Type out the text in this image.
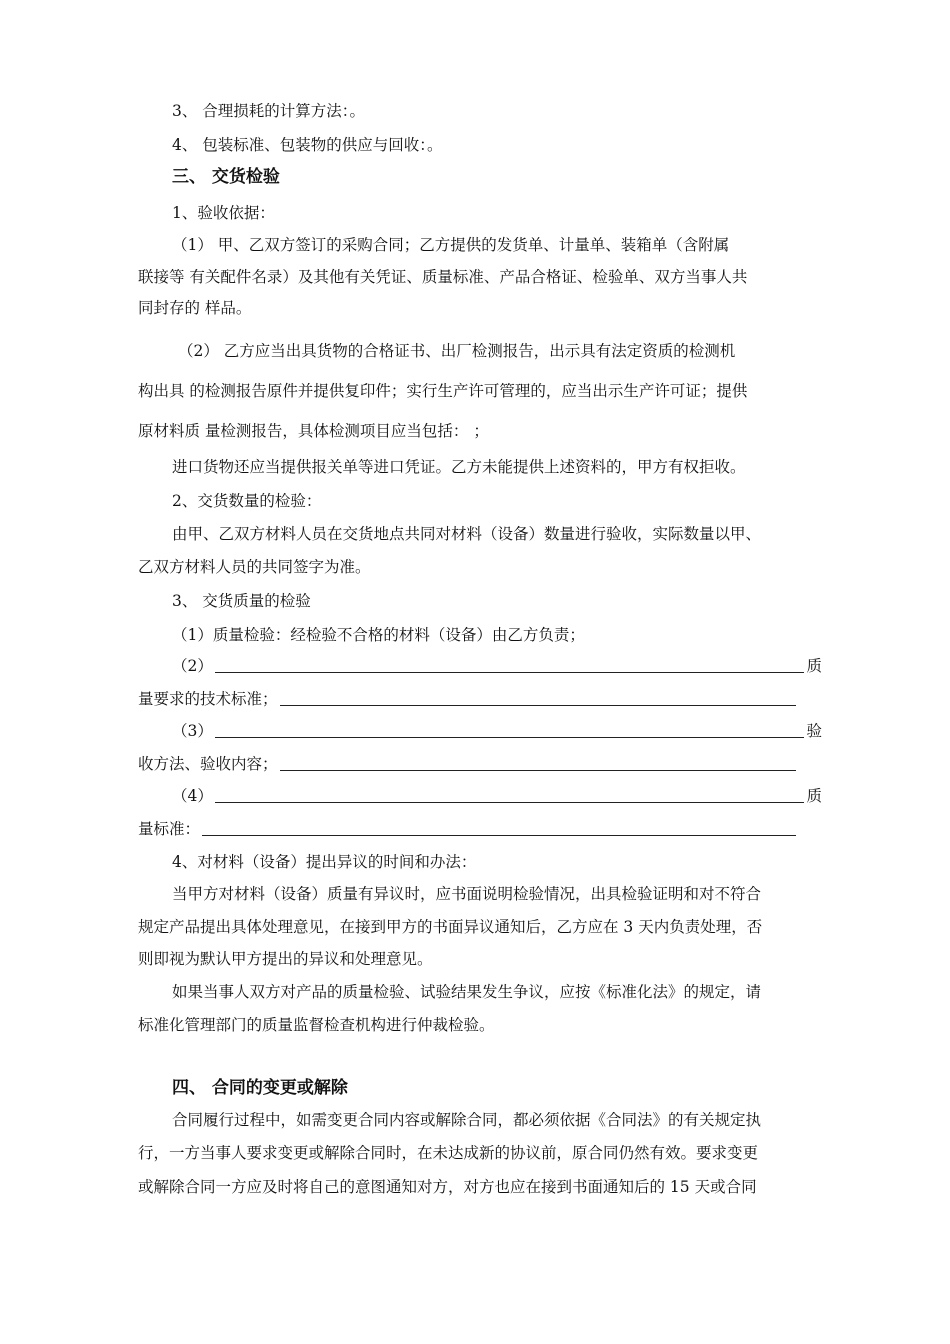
3、 合理损耗的计算方法：。
4、 包装标准、包装物的供应与回收：。
三、 交货检验
1、验收依据：
（1） 甲、乙双方签订的采购合同；乙方提供的发货单、计量单、装箱单（含附属
联接等 有关配件名录）及其他有关凭证、质量标准、产品合格证、检验单、双方当事人共
同封存的 样品。
（2） 乙方应当出具货物的合格证书、出厂检测报告，出示具有法定资质的检测机
构出具 的检测报告原件并提供复印件；实行生产许可管理的，应当出示生产许可证；提供
原材料质 量检测报告，具体检测项目应当包括： ；
进口货物还应当提供报关单等进口凭证。乙方未能提供上述资料的，甲方有权拒收。
2、交货数量的检验：
由甲、乙双方材料人员在交货地点共同对材料（设备）数量进行验收，实际数量以甲、
乙双方材料人员的共同签字为准。
3、 交货质量的检验
（1）质量检验：经检验不合格的材料（设备）由乙方负责；
（2）	质
量要求的技术标准；
（3）	验
收方法、验收内容；
（4）	质
量标准：
4、对材料（设备）提出异议的时间和办法：
当甲方对材料（设备）质量有异议时，应书面说明检验情况，出具检验证明和对不符合
规定产品提出具体处理意见，在接到甲方的书面异议通知后，乙方应在 3 天内负责处理，否
则即视为默认甲方提出的异议和处理意见。
如果当事人双方对产品的质量检验、试验结果发生争议，应按《标准化法》的规定，请
标准化管理部门的质量监督检查机构进行仲裁检验。
四、 合同的变更或解除
合同履行过程中，如需变更合同内容或解除合同，都必须依据《合同法》的有关规定执
行，一方当事人要求变更或解除合同时，在未达成新的协议前，原合同仍然有效。要求变更
或解除合同一方应及时将自己的意图通知对方，对方也应在接到书面通知后的 15 天或合同
